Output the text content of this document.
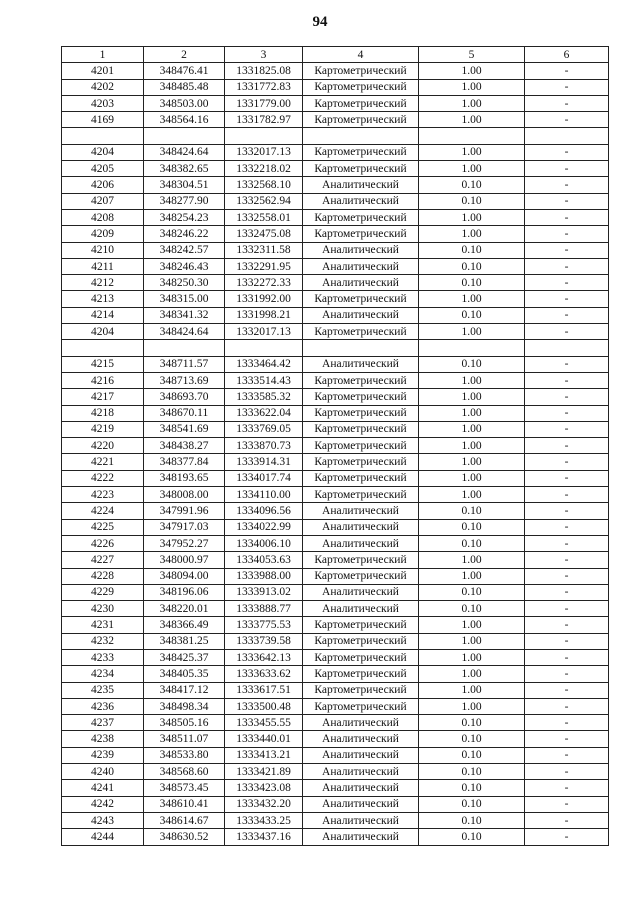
94
1	2	3	4	5	6
4201	348476.41	1331825.08	Картометрический	1.00	-
4202	348485.48	1331772.83	Картометрический	1.00	-
4203	348503.00	1331779.00	Картометрический	1.00	-
4169	348564.16	1331782.97	Картометрический	1.00	-

4204	348424.64	1332017.13	Картометрический	1.00	-
4205	348382.65	1332218.02	Картометрический	1.00	-
4206	348304.51	1332568.10	Аналитический	0.10	-
4207	348277.90	1332562.94	Аналитический	0.10	-
4208	348254.23	1332558.01	Картометрический	1.00	-
4209	348246.22	1332475.08	Картометрический	1.00	-
4210	348242.57	1332311.58	Аналитический	0.10	-
4211	348246.43	1332291.95	Аналитический	0.10	-
4212	348250.30	1332272.33	Аналитический	0.10	-
4213	348315.00	1331992.00	Картометрический	1.00	-
4214	348341.32	1331998.21	Аналитический	0.10	-
4204	348424.64	1332017.13	Картометрический	1.00	-

4215	348711.57	1333464.42	Аналитический	0.10	-
4216	348713.69	1333514.43	Картометрический	1.00	-
4217	348693.70	1333585.32	Картометрический	1.00	-
4218	348670.11	1333622.04	Картометрический	1.00	-
4219	348541.69	1333769.05	Картометрический	1.00	-
4220	348438.27	1333870.73	Картометрический	1.00	-
4221	348377.84	1333914.31	Картометрический	1.00	-
4222	348193.65	1334017.74	Картометрический	1.00	-
4223	348008.00	1334110.00	Картометрический	1.00	-
4224	347991.96	1334096.56	Аналитический	0.10	-
4225	347917.03	1334022.99	Аналитический	0.10	-
4226	347952.27	1334006.10	Аналитический	0.10	-
4227	348000.97	1334053.63	Картометрический	1.00	-
4228	348094.00	1333988.00	Картометрический	1.00	-
4229	348196.06	1333913.02	Аналитический	0.10	-
4230	348220.01	1333888.77	Аналитический	0.10	-
4231	348366.49	1333775.53	Картометрический	1.00	-
4232	348381.25	1333739.58	Картометрический	1.00	-
4233	348425.37	1333642.13	Картометрический	1.00	-
4234	348405.35	1333633.62	Картометрический	1.00	-
4235	348417.12	1333617.51	Картометрический	1.00	-
4236	348498.34	1333500.48	Картометрический	1.00	-
4237	348505.16	1333455.55	Аналитический	0.10	-
4238	348511.07	1333440.01	Аналитический	0.10	-
4239	348533.80	1333413.21	Аналитический	0.10	-
4240	348568.60	1333421.89	Аналитический	0.10	-
4241	348573.45	1333423.08	Аналитический	0.10	-
4242	348610.41	1333432.20	Аналитический	0.10	-
4243	348614.67	1333433.25	Аналитический	0.10	-
4244	348630.52	1333437.16	Аналитический	0.10	-
